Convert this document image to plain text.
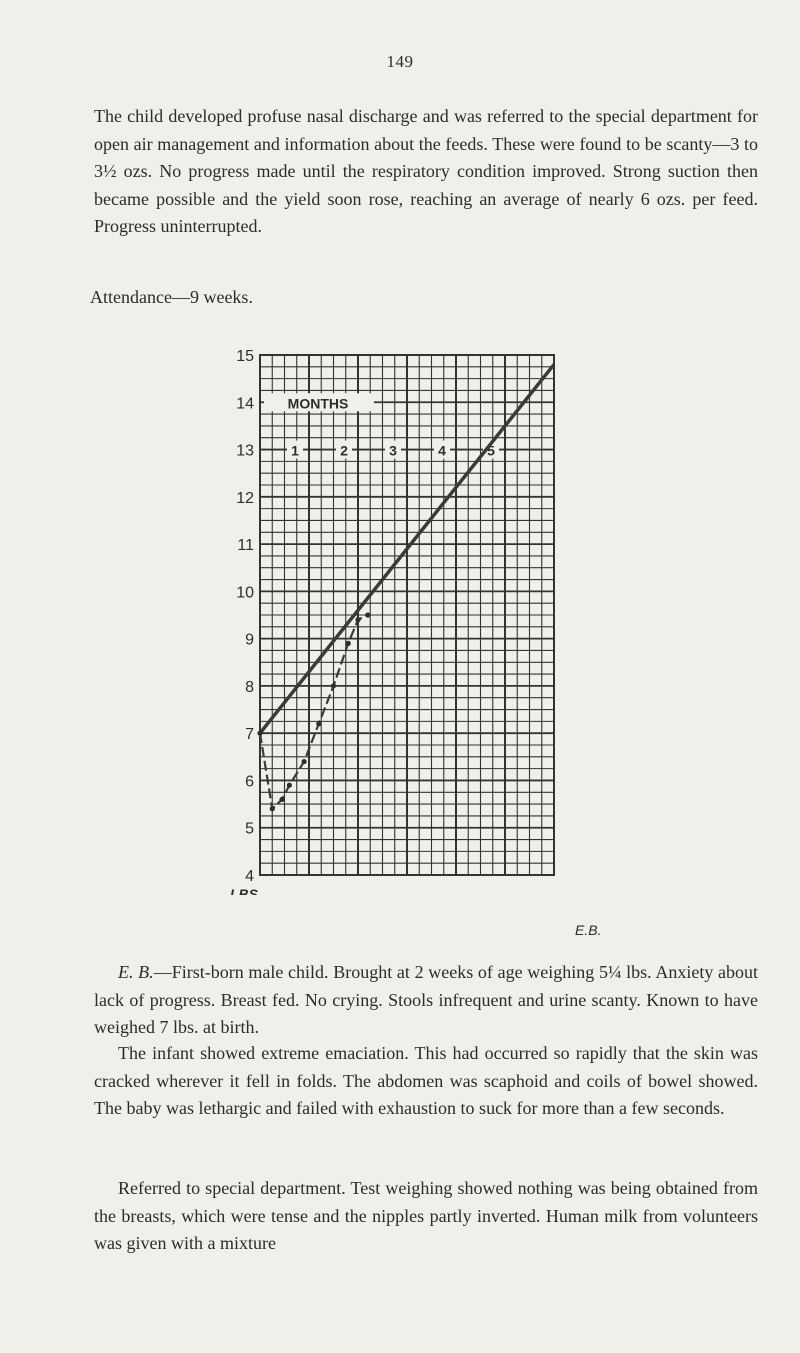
149

The child developed profuse nasal discharge and was referred to the special department for open air management and information about the feeds. These were found to be scanty—3 to 3½ ozs. No progress made until the respiratory condition improved. Strong suction then became possible and the yield soon rose, reaching an average of nearly 6 ozs. per feed. Progress uninterrupted.

Attendance—9 weeks.

15
14
13
12
11
10
9
8
7
6
5
4
LBS
MONTHS
1	2	3	4	5
E.B.

E. B.—First-born male child. Brought at 2 weeks of age weighing 5¼ lbs. Anxiety about lack of progress. Breast fed. No crying. Stools infrequent and urine scanty. Known to have weighed 7 lbs. at birth.

The infant showed extreme emaciation. This had occurred so rapidly that the skin was cracked wherever it fell in folds. The abdomen was scaphoid and coils of bowel showed. The baby was lethargic and failed with exhaustion to suck for more than a few seconds.

Referred to special department. Test weighing showed nothing was being obtained from the breasts, which were tense and the nipples partly inverted. Human milk from volunteers was given with a mixture
